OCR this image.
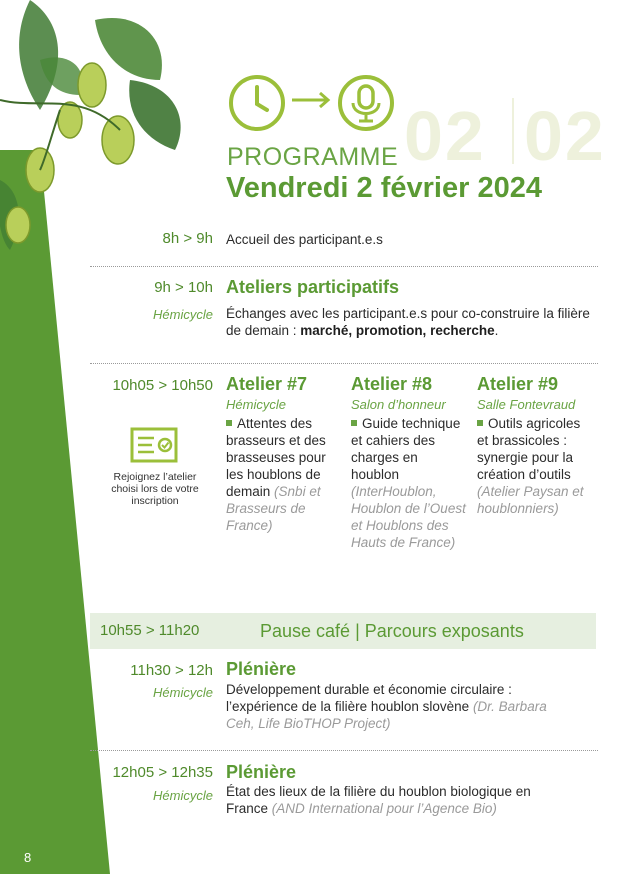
02 02
PROGRAMME
Vendredi 2 février 2024
8h > 9h Accueil des participant.e.s
9h > 10h Ateliers participatifs
Hémicycle Échanges avec les participant.e.s pour co-construire la filière de demain : marché, promotion, recherche.
10h05 > 10h50
Rejoignez l’atelier choisi lors de votre inscription
Atelier #7
Hémicycle
Attentes des brasseurs et des brasseuses pour les houblons de demain (Snbi et Brasseurs de France)
Atelier #8
Salon d’honneur
Guide technique et cahiers des charges en houblon (InterHoublon, Houblon de l’Ouest et Houblons des Hauts de France)
Atelier #9
Salle Fontevraud
Outils agricoles et brassicoles : synergie pour la création d’outils (Atelier Paysan et houblonniers)
10h55 > 11h20	Pause café | Parcours exposants
11h30 > 12h Plénière
Hémicycle Développement durable et économie circulaire : l’expérience de la filière houblon slovène (Dr. Barbara Ceh, Life BioTHOP Project)
12h05 > 12h35 Plénière
Hémicycle État des lieux de la filière du houblon biologique en France (AND International pour l’Agence Bio)
8
